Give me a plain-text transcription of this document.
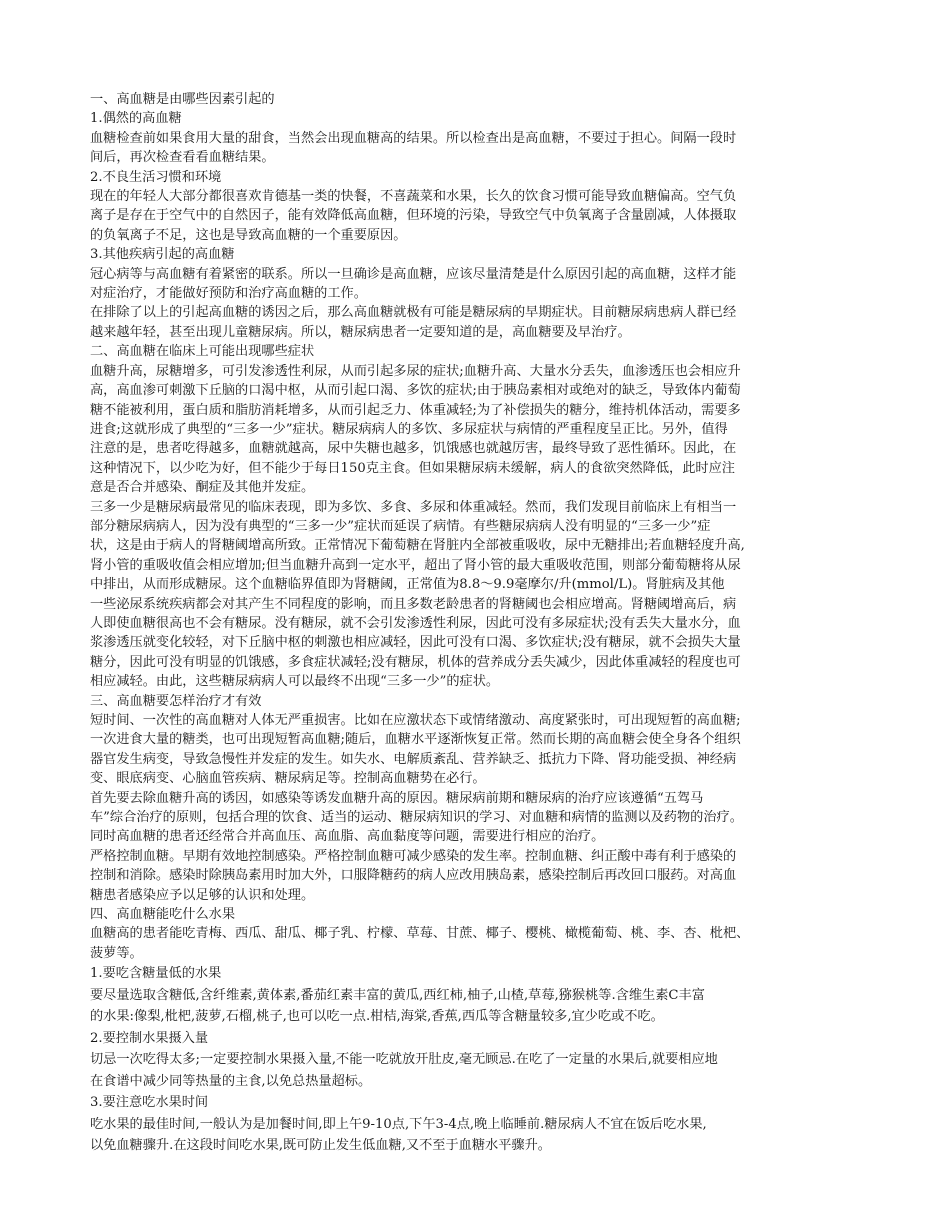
一、高血糖是由哪些因素引起的
1.偶然的高血糖
血糖检查前如果食用大量的甜食，当然会出现血糖高的结果。所以检查出是高血糖，不要过于担心。间隔一段时
间后，再次检查看看血糖结果。
2.不良生活习惯和环境
现在的年轻人大部分都很喜欢肯德基一类的快餐，不喜蔬菜和水果，长久的饮食习惯可能导致血糖偏高。空气负
离子是存在于空气中的自然因子，能有效降低高血糖，但环境的污染，导致空气中负氧离子含量剧减，人体摄取
的负氧离子不足，这也是导致高血糖的一个重要原因。
3.其他疾病引起的高血糖
冠心病等与高血糖有着紧密的联系。所以一旦确诊是高血糖，应该尽量清楚是什么原因引起的高血糖，这样才能
对症治疗，才能做好预防和治疗高血糖的工作。
在排除了以上的引起高血糖的诱因之后，那么高血糖就极有可能是糖尿病的早期症状。目前糖尿病患病人群已经
越来越年轻，甚至出现儿童糖尿病。所以，糖尿病患者一定要知道的是，高血糖要及早治疗。
二、高血糖在临床上可能出现哪些症状
血糖升高，尿糖增多，可引发渗透性利尿，从而引起多尿的症状;血糖升高、大量水分丢失，血渗透压也会相应升
高，高血渗可刺激下丘脑的口渴中枢，从而引起口渴、多饮的症状;由于胰岛素相对或绝对的缺乏，导致体内葡萄
糖不能被利用，蛋白质和脂肪消耗增多，从而引起乏力、体重减轻;为了补偿损失的糖分，维持机体活动，需要多
进食;这就形成了典型的“三多一少”症状。糖尿病病人的多饮、多尿症状与病情的严重程度呈正比。另外，值得
注意的是，患者吃得越多，血糖就越高，尿中失糖也越多，饥饿感也就越厉害，最终导致了恶性循环。因此，在
这种情况下，以少吃为好，但不能少于每日150克主食。但如果糖尿病未缓解，病人的食欲突然降低，此时应注
意是否合并感染、酮症及其他并发症。
三多一少是糖尿病最常见的临床表现，即为多饮、多食、多尿和体重减轻。然而，我们发现目前临床上有相当一
部分糖尿病病人，因为没有典型的“三多一少”症状而延误了病情。有些糖尿病病人没有明显的“三多一少”症
状，这是由于病人的肾糖阈增高所致。正常情况下葡萄糖在肾脏内全部被重吸收，尿中无糖排出;若血糖轻度升高,
肾小管的重吸收值会相应增加;但当血糖升高到一定水平，超出了肾小管的最大重吸收范围，则部分葡萄糖将从尿
中排出，从而形成糖尿。这个血糖临界值即为肾糖阈，正常值为8.8～9.9毫摩尔/升(mmol/L)。肾脏病及其他
一些泌尿系统疾病都会对其产生不同程度的影响，而且多数老龄患者的肾糖阈也会相应增高。肾糖阈增高后，病
人即使血糖很高也不会有糖尿。没有糖尿，就不会引发渗透性利尿，因此可没有多尿症状;没有丢失大量水分，血
浆渗透压就变化较轻，对下丘脑中枢的刺激也相应减轻，因此可没有口渴、多饮症状;没有糖尿，就不会损失大量
糖分，因此可没有明显的饥饿感，多食症状减轻;没有糖尿，机体的营养成分丢失减少，因此体重减轻的程度也可
相应减轻。由此，这些糖尿病病人可以最终不出现“三多一少”的症状。
三、高血糖要怎样治疗才有效
短时间、一次性的高血糖对人体无严重损害。比如在应激状态下或情绪激动、高度紧张时，可出现短暂的高血糖;
一次进食大量的糖类，也可出现短暂高血糖;随后，血糖水平逐渐恢复正常。然而长期的高血糖会使全身各个组织
器官发生病变，导致急慢性并发症的发生。如失水、电解质紊乱、营养缺乏、抵抗力下降、肾功能受损、神经病
变、眼底病变、心脑血管疾病、糖尿病足等。控制高血糖势在必行。
首先要去除血糖升高的诱因，如感染等诱发血糖升高的原因。糖尿病前期和糖尿病的治疗应该遵循“五驾马
车”综合治疗的原则，包括合理的饮食、适当的运动、糖尿病知识的学习、对血糖和病情的监测以及药物的治疗。
同时高血糖的患者还经常合并高血压、高血脂、高血黏度等问题，需要进行相应的治疗。
严格控制血糖。早期有效地控制感染。严格控制血糖可减少感染的发生率。控制血糖、纠正酸中毒有利于感染的
控制和消除。感染时除胰岛素用时加大外，口服降糖药的病人应改用胰岛素，感染控制后再改回口服药。对高血
糖患者感染应予以足够的认识和处理。
四、高血糖能吃什么水果
血糖高的患者能吃青梅、西瓜、甜瓜、椰子乳、柠檬、草莓、甘蔗、椰子、樱桃、橄榄葡萄、桃、李、杏、枇杷、
菠萝等。
1.要吃含糖量低的水果
要尽量选取含糖低,含纤维素,黄体素,番茄红素丰富的黄瓜,西红柿,柚子,山楂,草莓,猕猴桃等.含维生素C丰富
的水果:像梨,枇杷,菠萝,石榴,桃子,也可以吃一点.柑桔,海棠,香蕉,西瓜等含糖量较多,宜少吃或不吃。
2.要控制水果摄入量
切忌一次吃得太多;一定要控制水果摄入量,不能一吃就放开肚皮,毫无顾忌.在吃了一定量的水果后,就要相应地
在食谱中减少同等热量的主食,以免总热量超标。
3.要注意吃水果时间
吃水果的最佳时间,一般认为是加餐时间,即上午9-10点,下午3-4点,晚上临睡前.糖尿病人不宜在饭后吃水果,
以免血糖骤升.在这段时间吃水果,既可防止发生低血糖,又不至于血糖水平骤升。
